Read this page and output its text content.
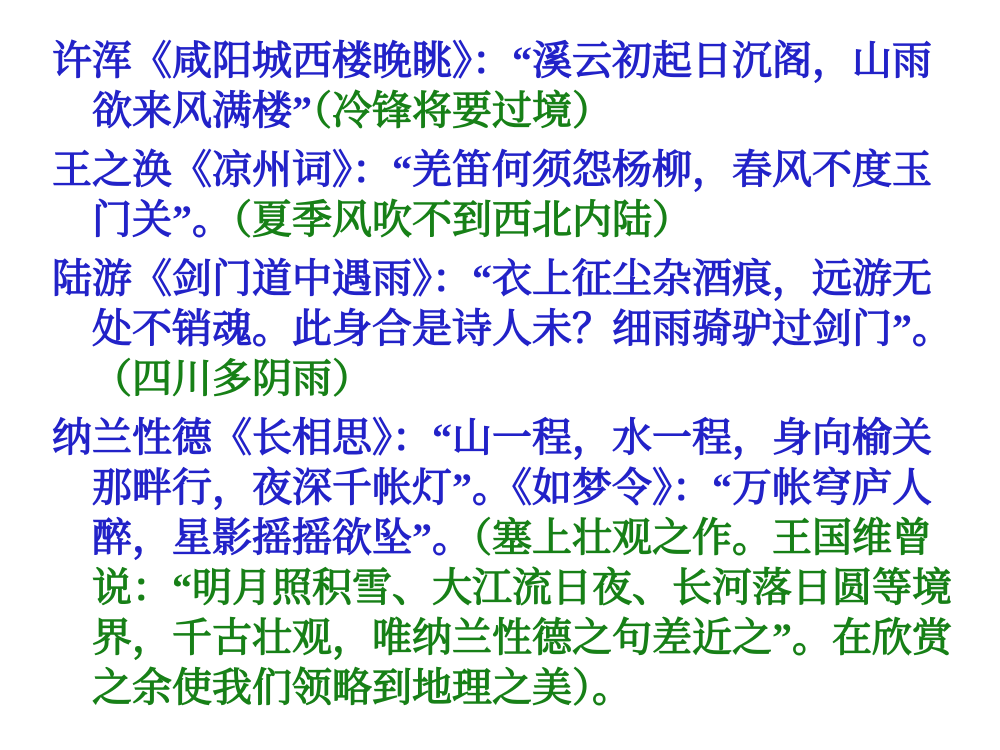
许浑《咸阳城西楼晚眺》：“溪云初起日沉阁，山雨欲来风满楼”（冷锋将要过境）

王之涣《凉州词》：“羌笛何须怨杨柳，春风不度玉门关”。（夏季风吹不到西北内陆）

陆游《剑门道中遇雨》：“衣上征尘杂酒痕，远游无处不销魂。此身合是诗人未？细雨骑驴过剑门”。（四川多阴雨）

纳兰性德《长相思》：“山一程，水一程，身向榆关那畔行，夜深千帐灯”。《如梦令》：“万帐穹庐人醉，星影摇摇欲坠”。（塞上壮观之作。王国维曾说：“明月照积雪、大江流日夜、长河落日圆等境界，千古壮观，唯纳兰性德之句差近之”。在欣赏之余使我们领略到地理之美）。
